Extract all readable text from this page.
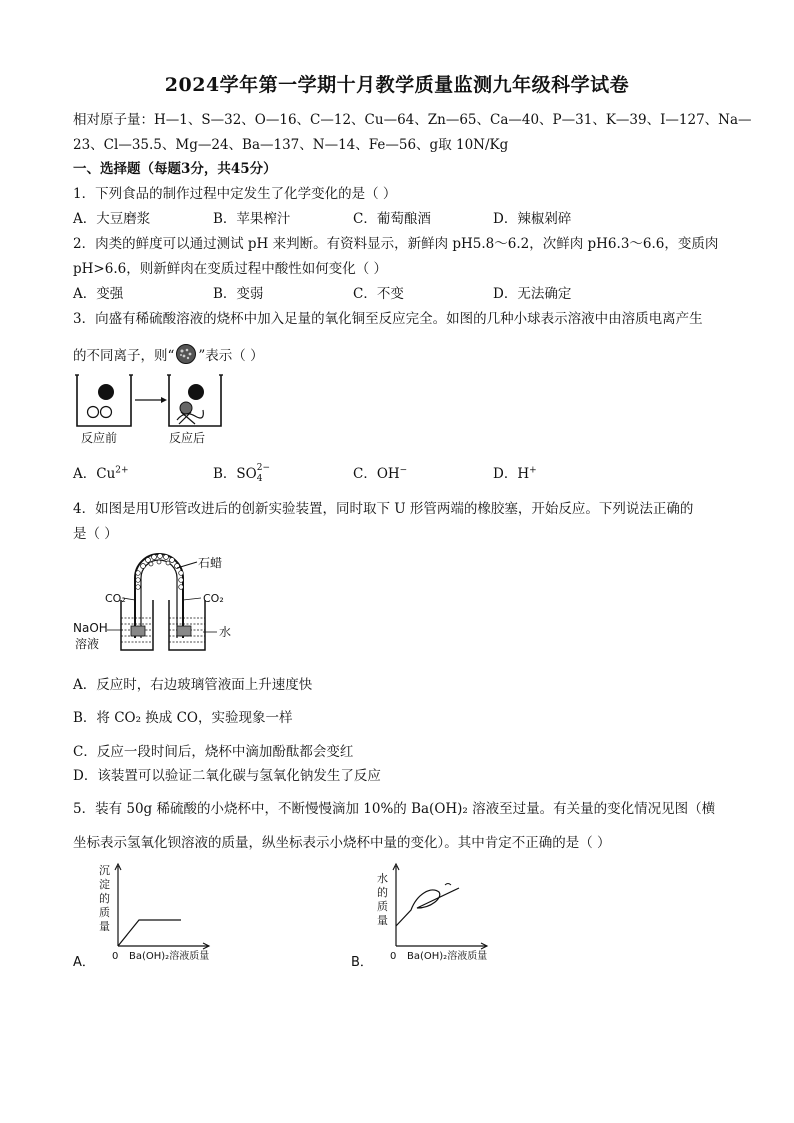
2024学年第一学期十月教学质量监测九年级科学试卷
相对原子量：H—1、S—32、O—16、C—12、Cu—64、Zn—65、Ca—40、P—31、K—39、I—127、Na—
23、Cl—35.5、Mg—24、Ba—137、N—14、Fe—56、g取 10N/Kg
一、选择题（每题3分，共45分）
1．下列食品的制作过程中定发生了化学变化的是（ ）
A．大豆磨浆	B．苹果榨汁	C．葡萄酿酒	D．辣椒剁碎
2．肉类的鲜度可以通过测试 pH 来判断。有资料显示，新鲜肉 pH5.8～6.2，次鲜肉 pH6.3～6.6，变质肉
pH>6.6，则新鲜肉在变质过程中酸性如何变化（ ）
A．变强	B．变弱	C．不变	D．无法确定
3．向盛有稀硫酸溶液的烧杯中加入足量的氧化铜至反应完全。如图的几种小球表示溶液中由溶质电离产生
的不同离子，则“ ”表示（ ）
反应前	反应后
A．$Cu^{2+}$	B．SO $^{2-}$
4	C．OH−	D．H+
4．如图是用U形管改进后的创新实验装置，同时取下 U 形管两端的橡胶塞，开始反应。下列说法正确的
是（ ）
石蜡
CO₂	CO₂
NaOH
溶液
水
A．反应时，右边玻璃管液面上升速度快
B．将 CO₂ 换成 CO，实验现象一样
C．反应一段时间后，烧杯中滴加酚酞都会变红
D．该装置可以验证二氧化碳与氢氧化钠发生了反应
5．装有 50g 稀硫酸的小烧杯中，不断慢慢滴加 10%的 Ba(OH)₂ 溶液至过量。有关量的变化情况见图（横
坐标表示氢氧化钡溶液的质量，纵坐标表示小烧杯中量的变化）。其中肯定不正确的是（ ）
A．
沉
淀
的
质
量
0 Ba(OH)₂溶液质量	B．
水
的
质
量
0 Ba(OH)₂溶液质量
